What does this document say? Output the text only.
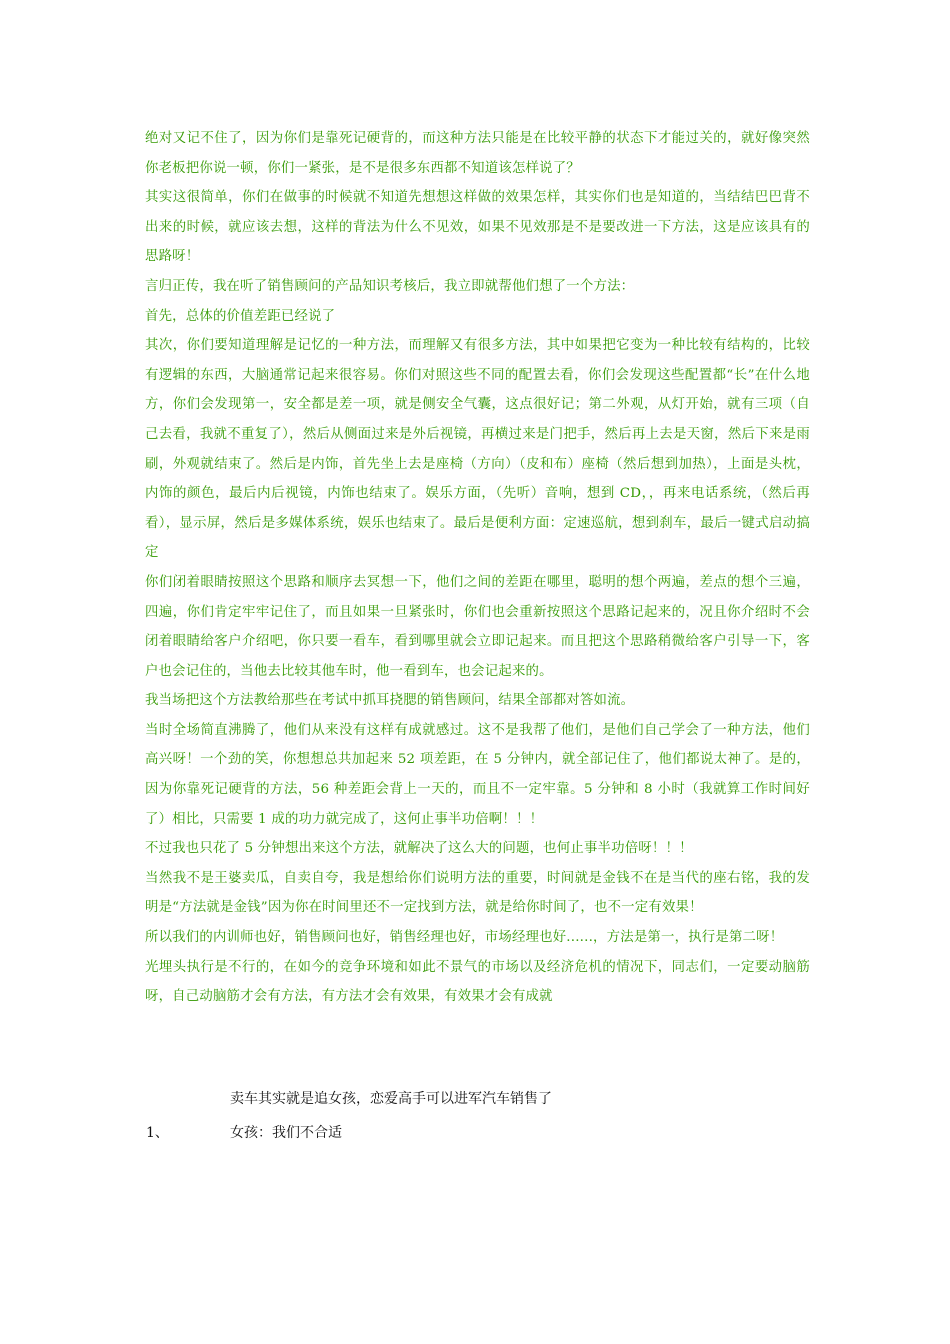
绝对又记不住了，因为你们是靠死记硬背的，而这种方法只能是在比较平静的状态下才能过关的，就好像突然你老板把你说一顿，你们一紧张，是不是很多东西都不知道该怎样说了？

其实这很简单，你们在做事的时候就不知道先想想这样做的效果怎样，其实你们也是知道的，当结结巴巴背不出来的时候，就应该去想，这样的背法为什么不见效，如果不见效那是不是要改进一下方法，这是应该具有的思路呀！

言归正传，我在听了销售顾问的产品知识考核后，我立即就帮他们想了一个方法：

首先，总体的价值差距已经说了

其次，你们要知道理解是记忆的一种方法，而理解又有很多方法，其中如果把它变为一种比较有结构的，比较有逻辑的东西，大脑通常记起来很容易。你们对照这些不同的配置去看，你们会发现这些配置都“长”在什么地方，你们会发现第一，安全都是差一项，就是侧安全气囊，这点很好记；第二外观，从灯开始，就有三项（自己去看，我就不重复了），然后从侧面过来是外后视镜，再横过来是门把手，然后再上去是天窗，然后下来是雨刷，外观就结束了。然后是内饰，首先坐上去是座椅（方向）（皮和布）座椅（然后想到加热），上面是头枕，内饰的颜色，最后内后视镜，内饰也结束了。娱乐方面，（先听）音响，想到 CD，，再来电话系统，（然后再看），显示屏，然后是多媒体系统，娱乐也结束了。最后是便利方面：定速巡航，想到刹车，最后一键式启动搞定

你们闭着眼睛按照这个思路和顺序去冥想一下，他们之间的差距在哪里，聪明的想个两遍，差点的想个三遍，四遍，你们肯定牢牢记住了，而且如果一旦紧张时，你们也会重新按照这个思路记起来的，况且你介绍时不会闭着眼睛给客户介绍吧，你只要一看车，看到哪里就会立即记起来。而且把这个思路稍微给客户引导一下，客户也会记住的，当他去比较其他车时，他一看到车，也会记起来的。

我当场把这个方法教给那些在考试中抓耳挠腮的销售顾问，结果全部都对答如流。

当时全场简直沸腾了，他们从来没有这样有成就感过。这不是我帮了他们，是他们自己学会了一种方法，他们高兴呀！一个劲的笑，你想想总共加起来 52 项差距，在 5 分钟内，就全部记住了，他们都说太神了。是的，因为你靠死记硬背的方法，56 种差距会背上一天的，而且不一定牢靠。5 分钟和 8 小时（我就算工作时间好了）相比，只需要 1 成的功力就完成了，这何止事半功倍啊！！！

不过我也只花了 5 分钟想出来这个方法，就解决了这么大的问题，也何止事半功倍呀！！！

当然我不是王婆卖瓜，自卖自夸，我是想给你们说明方法的重要，时间就是金钱不在是当代的座右铭，我的发明是“方法就是金钱”因为你在时间里还不一定找到方法，就是给你时间了，也不一定有效果！

所以我们的内训师也好，销售顾问也好，销售经理也好，市场经理也好......，方法是第一，执行是第二呀！

光埋头执行是不行的，在如今的竞争环境和如此不景气的市场以及经济危机的情况下，同志们，一定要动脑筋呀，自己动脑筋才会有方法，有方法才会有效果，有效果才会有成就

卖车其实就是追女孩，恋爱高手可以进军汽车销售了
1、	女孩：我们不合适
